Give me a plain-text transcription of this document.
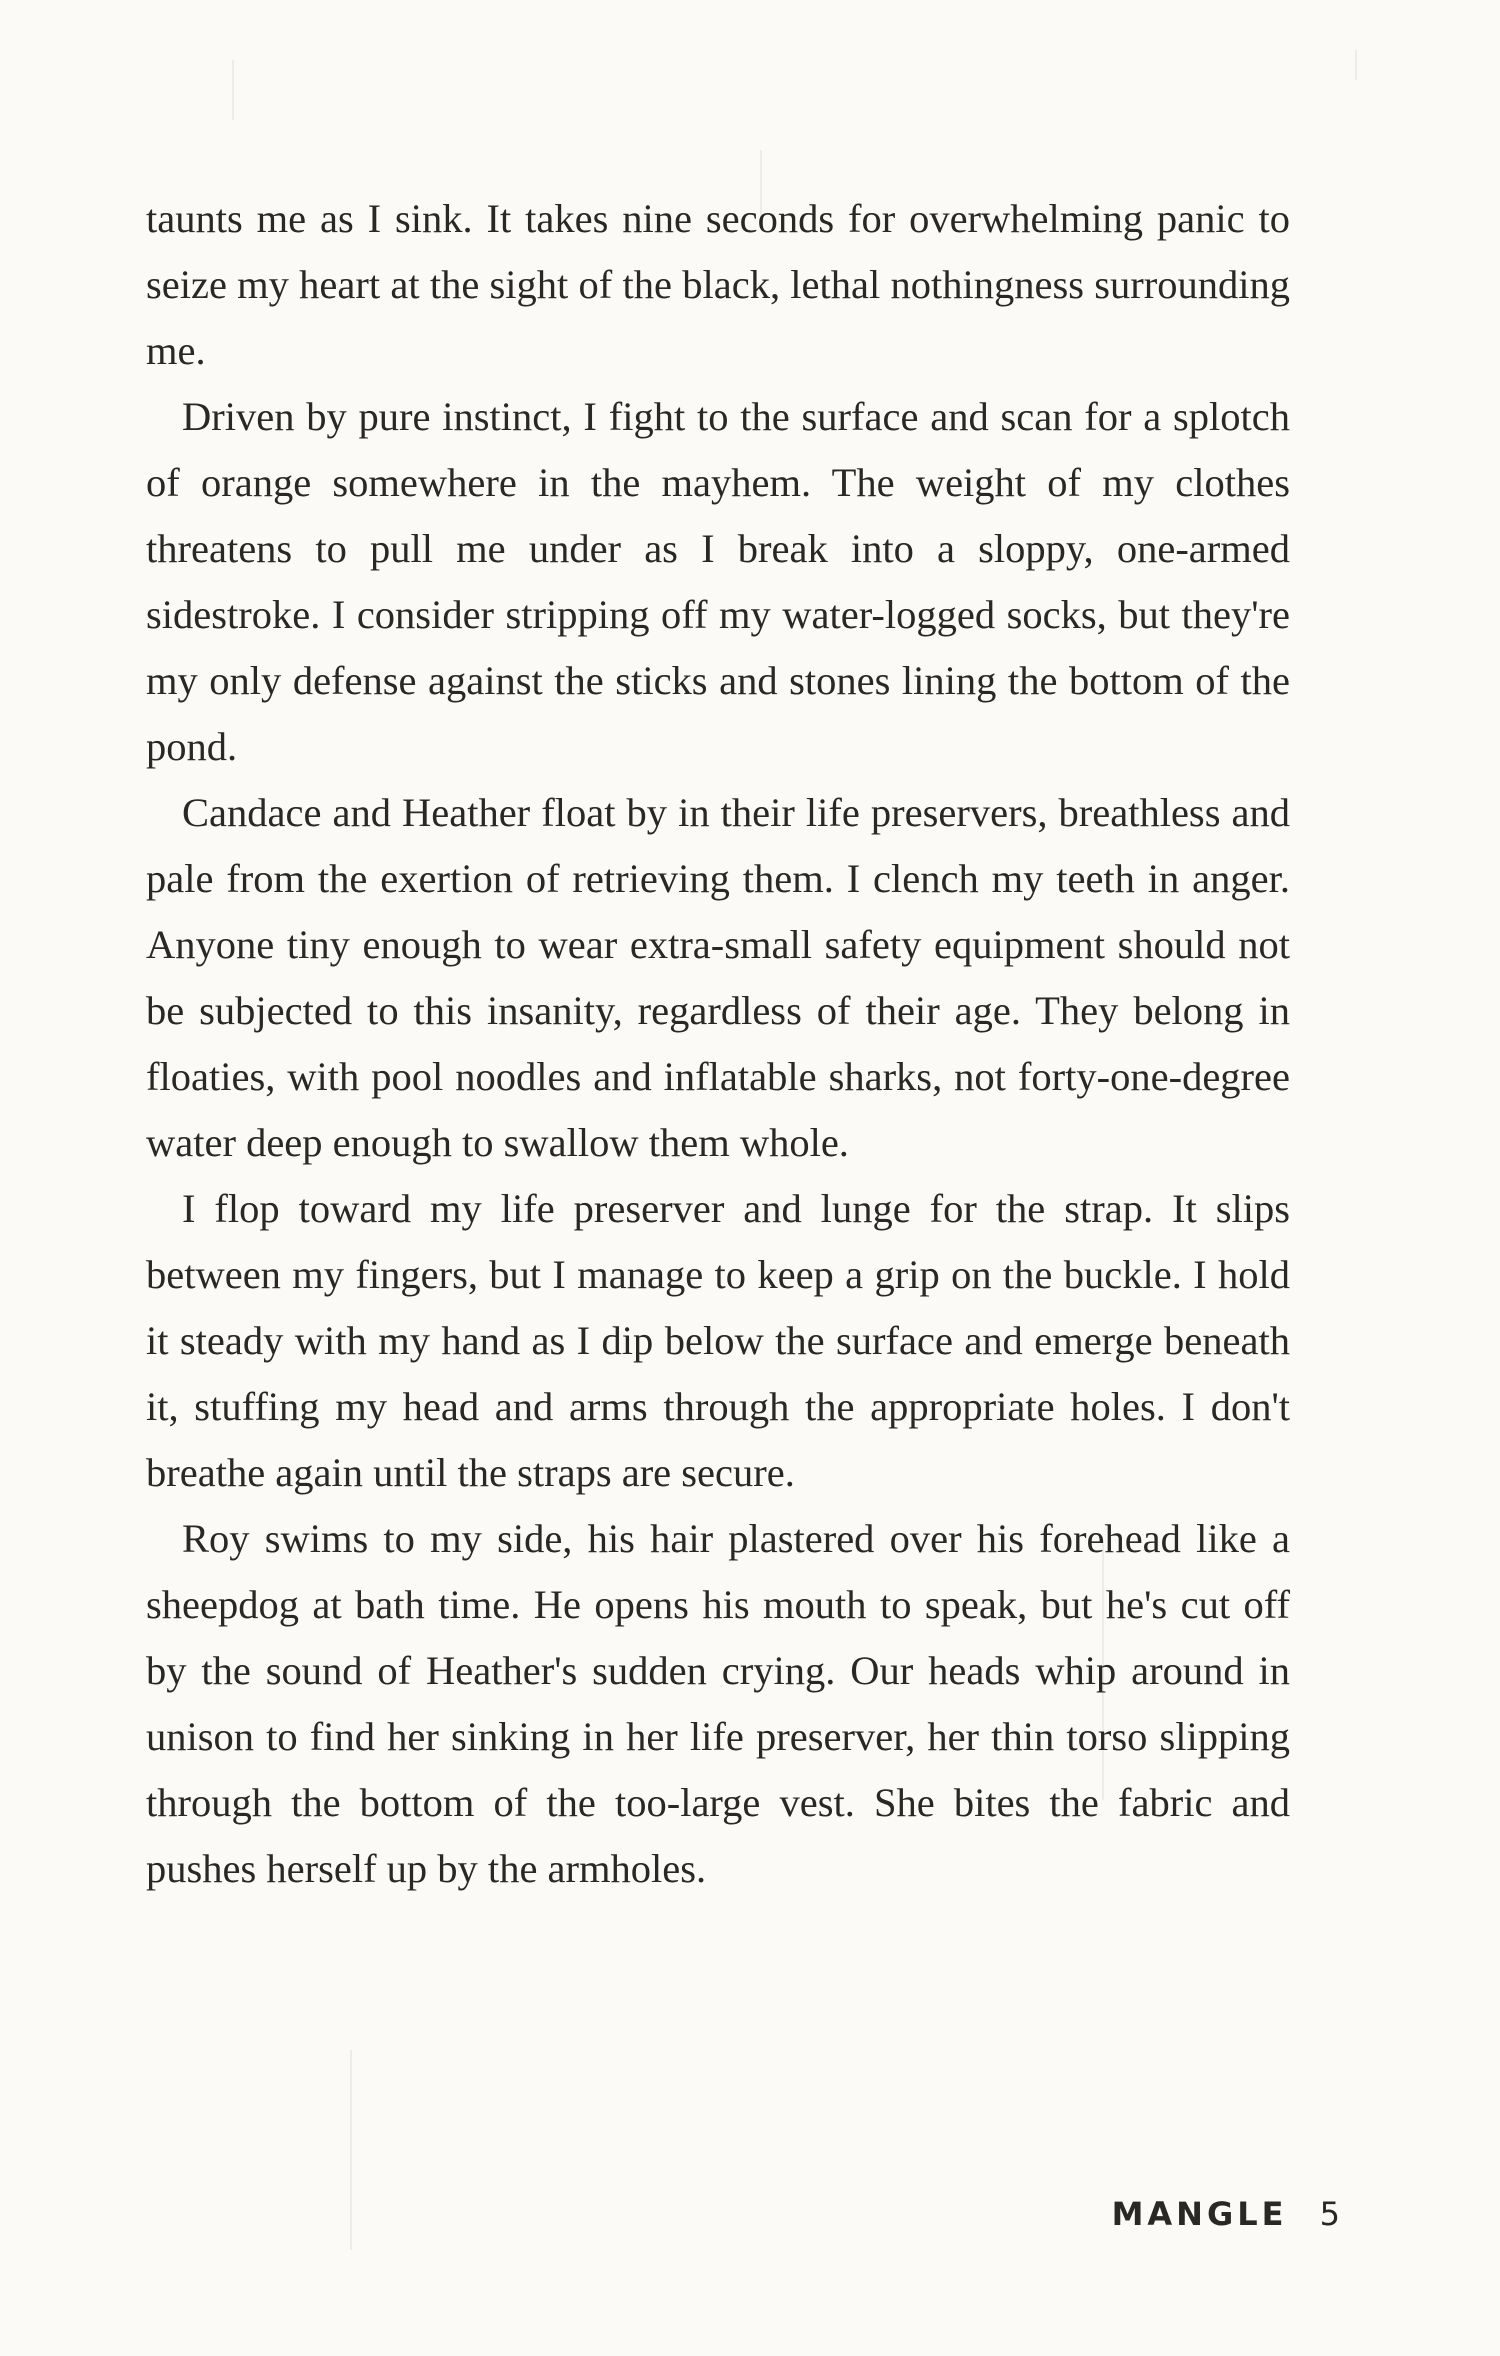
taunts me as I sink. It takes nine seconds for overwhelming panic to seize my heart at the sight of the black, lethal nothingness surrounding me.

Driven by pure instinct, I fight to the surface and scan for a splotch of orange somewhere in the mayhem. The weight of my clothes threatens to pull me under as I break into a sloppy, one-armed sidestroke. I consider stripping off my water-logged socks, but they're my only defense against the sticks and stones lining the bottom of the pond.

Candace and Heather float by in their life preservers, breathless and pale from the exertion of retrieving them. I clench my teeth in anger. Anyone tiny enough to wear extra-small safety equipment should not be subjected to this insanity, regardless of their age. They belong in floaties, with pool noodles and inflatable sharks, not forty-one-degree water deep enough to swallow them whole.

I flop toward my life preserver and lunge for the strap. It slips between my fingers, but I manage to keep a grip on the buckle. I hold it steady with my hand as I dip below the surface and emerge beneath it, stuffing my head and arms through the appropriate holes. I don't breathe again until the straps are secure.

Roy swims to my side, his hair plastered over his forehead like a sheepdog at bath time. He opens his mouth to speak, but he's cut off by the sound of Heather's sudden crying. Our heads whip around in unison to find her sinking in her life preserver, her thin torso slipping through the bottom of the too-large vest. She bites the fabric and pushes herself up by the armholes.

MANGLE 5
